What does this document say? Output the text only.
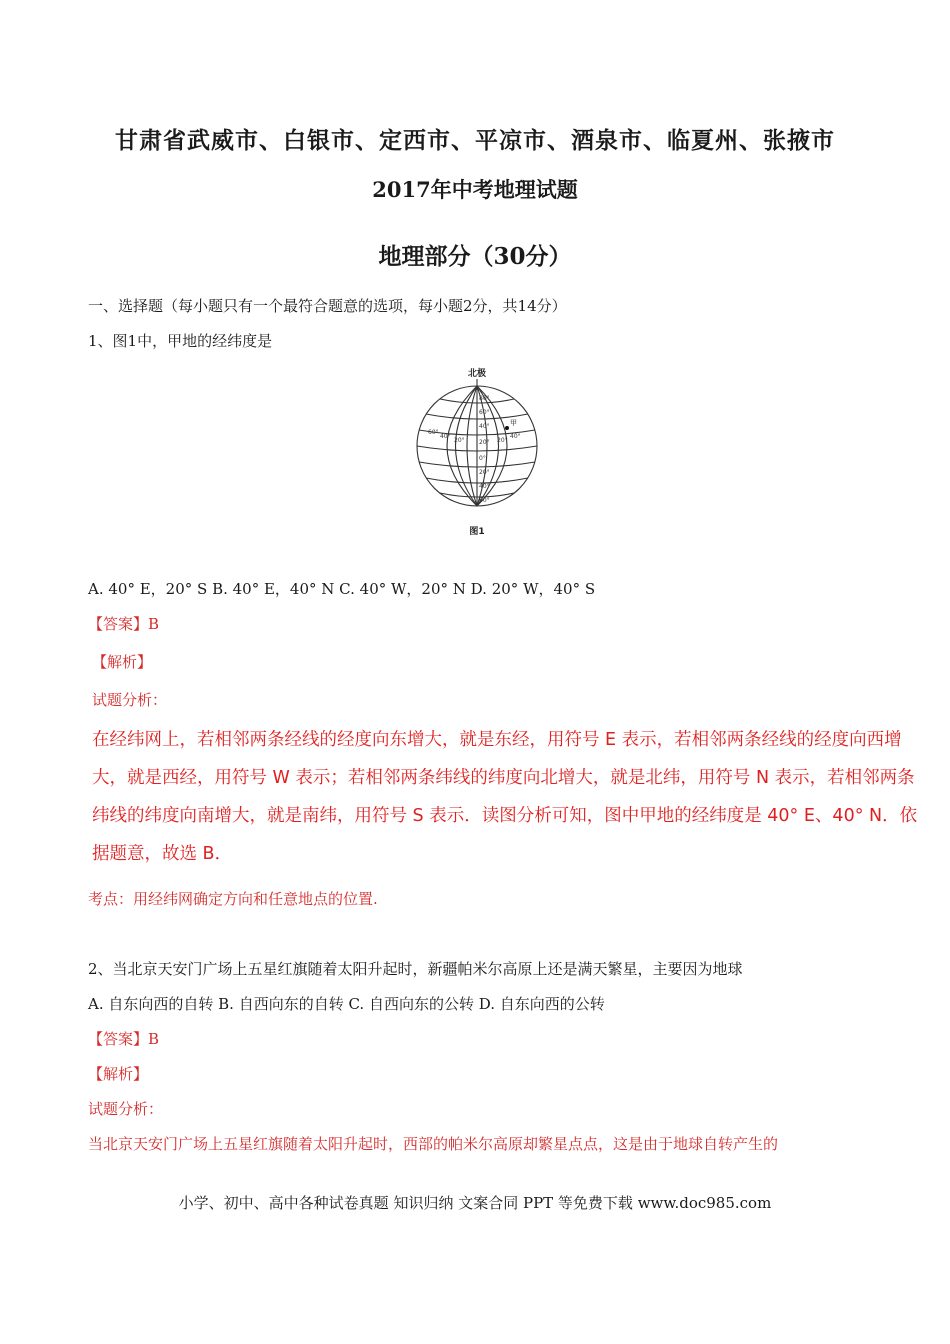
甘肃省武威市、白银市、定西市、平凉市、酒泉市、临夏州、张掖市
2017年中考地理试题
地理部分（30分）
一、选择题（每小题只有一个最符合题意的选项，每小题2分，共14分）
1、图1中，甲地的经纬度是
北极
80°
60°
40°
20°
0°
20°
40°
60°
60°
40°
20°	20°
40°
甲
图1
A. 40° E，20° S B. 40° E，40° N C. 40° W，20° N D. 20° W，40° S
【答案】B
【解析】
试题分析：
在经纬网上，若相邻两条经线的经度向东增大，就是东经，用符号 E 表示，若相邻两条经线的经度向西增
大，就是西经，用符号 W 表示；若相邻两条纬线的纬度向北增大，就是北纬，用符号 N 表示，若相邻两条
纬线的纬度向南增大，就是南纬，用符号 S 表示．读图分析可知，图中甲地的经纬度是 40° E、40° N．依
据题意，故选 B．
考点：用经纬网确定方向和任意地点的位置.
2、当北京天安门广场上五星红旗随着太阳升起时，新疆帕米尔高原上还是满天繁星，主要因为地球
A. 自东向西的自转 B. 自西向东的自转 C. 自西向东的公转 D. 自东向西的公转
【答案】B
【解析】
试题分析：
当北京天安门广场上五星红旗随着太阳升起时，西部的帕米尔高原却繁星点点，这是由于地球自转产生的
小学、初中、高中各种试卷真题 知识归纳 文案合同 PPT 等免费下载 www.doc985.com
